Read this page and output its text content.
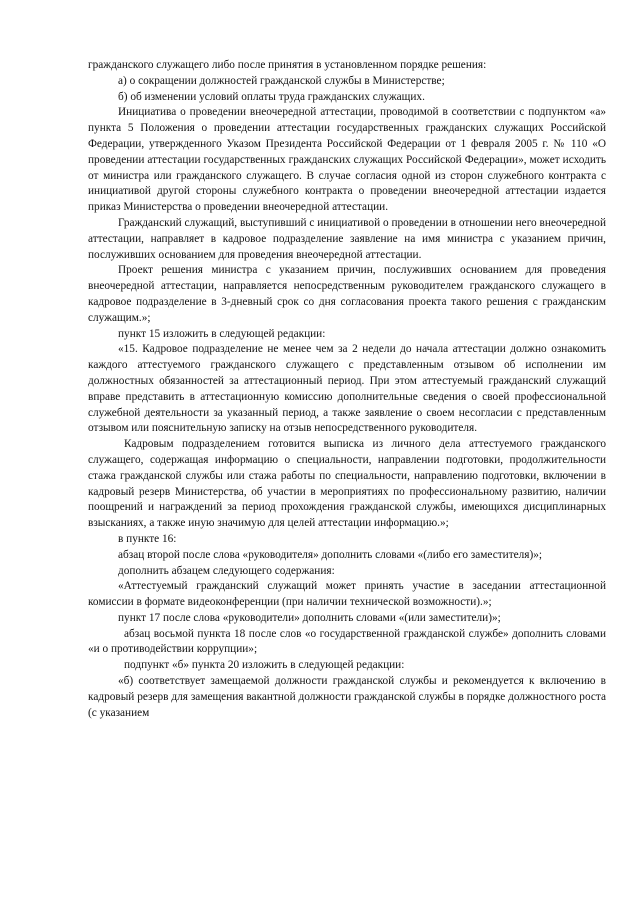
гражданского служащего либо после принятия в установленном порядке решения:

а) о сокращении должностей гражданской службы в Министерстве;

б) об изменении условий оплаты труда гражданских служащих.

Инициатива о проведении внеочередной аттестации, проводимой в соответствии с подпунктом «а» пункта 5 Положения о проведении аттестации государственных гражданских служащих Российской Федерации, утвержденного Указом Президента Российской Федерации от 1 февраля 2005 г. № 110 «О проведении аттестации государственных гражданских служащих Российской Федерации», может исходить от министра или гражданского служащего. В случае согласия одной из сторон служебного контракта с инициативой другой стороны служебного контракта о проведении внеочередной аттестации издается приказ Министерства о проведении внеочередной аттестации.

Гражданский служащий, выступивший с инициативой о проведении в отношении него внеочередной аттестации, направляет в кадровое подразделение заявление на имя министра с указанием причин, послуживших основанием для проведения внеочередной аттестации.

Проект решения министра с указанием причин, послуживших основанием для проведения внеочередной аттестации, направляется непосредственным руководителем гражданского служащего в кадровое подразделение в 3-дневный срок со дня согласования проекта такого решения с гражданским служащим.»;

пункт 15 изложить в следующей редакции:

«15. Кадровое подразделение не менее чем за 2 недели до начала аттестации должно ознакомить каждого аттестуемого гражданского служащего с представленным отзывом об исполнении им должностных обязанностей за аттестационный период. При этом аттестуемый гражданский служащий вправе представить в аттестационную комиссию дополнительные сведения о своей профессиональной служебной деятельности за указанный период, а также заявление о своем несогласии с представленным отзывом или пояснительную записку на отзыв непосредственного руководителя.

Кадровым подразделением готовится выписка из личного дела аттестуемого гражданского служащего, содержащая информацию о специальности, направлении подготовки, продолжительности стажа гражданской службы или стажа работы по специальности, направлению подготовки, включении в кадровый резерв Министерства, об участии в мероприятиях по профессиональному развитию, наличии поощрений и награждений за период прохождения гражданской службы, имеющихся дисциплинарных взысканиях, а также иную значимую для целей аттестации информацию.»;

в пункте 16:

абзац второй после слова «руководителя» дополнить словами «(либо его заместителя)»;

дополнить абзацем следующего содержания:

«Аттестуемый гражданский служащий может принять участие в заседании аттестационной комиссии в формате видеоконференции (при наличии технической возможности).»;

пункт 17 после слова «руководители» дополнить словами «(или заместители)»;

абзац восьмой пункта 18 после слов «о государственной гражданской службе» дополнить словами «и о противодействии коррупции»;

подпункт «б» пункта 20 изложить в следующей редакции:

«б) соответствует замещаемой должности гражданской службы и рекомендуется к включению в кадровый резерв для замещения вакантной должности гражданской службы в порядке должностного роста (с указанием
